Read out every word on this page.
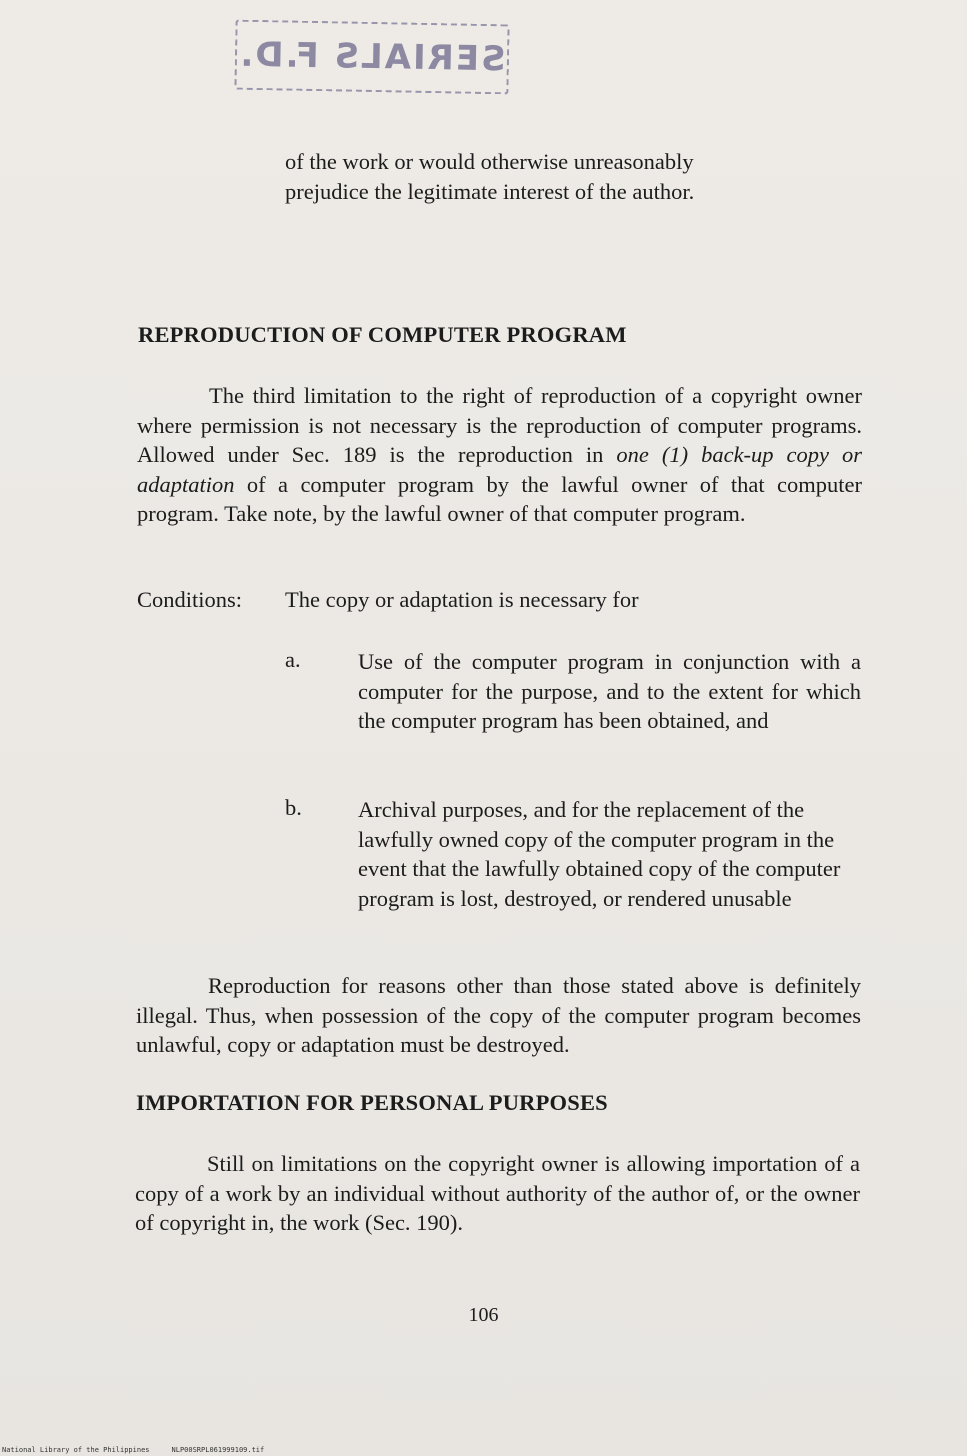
SERIALS F.D.
of the work or would otherwise unreasonably
prejudice the legitimate interest of the author.
REPRODUCTION OF COMPUTER PROGRAM
The third limitation to the right of reproduction of a copyright owner where permission is not necessary is the reproduction of computer programs. Allowed under Sec. 189 is the reproduction in one (1) back-up copy or adaptation of a computer program by the lawful owner of that computer program. Take note, by the lawful owner of that computer program.
Conditions: The copy or adaptation is necessary for
a.	Use of the computer program in conjunction with a computer for the purpose, and to the extent for which the computer program has been obtained, and
b. Archival purposes, and for the replacement of the lawfully owned copy of the computer program in the event that the lawfully obtained copy of the computer program is lost, destroyed, or rendered unusable
Reproduction for reasons other than those stated above is definitely illegal. Thus, when possession of the copy of the computer program becomes unlawful, copy or adaptation must be destroyed.
IMPORTATION FOR PERSONAL PURPOSES
Still on limitations on the copyright owner is allowing importation of a copy of a work by an individual without authority of the author of, or the owner of copyright in, the work (Sec. 190).
106
National Library of the Philippines	NLP00SRPL0619991​09.tif
